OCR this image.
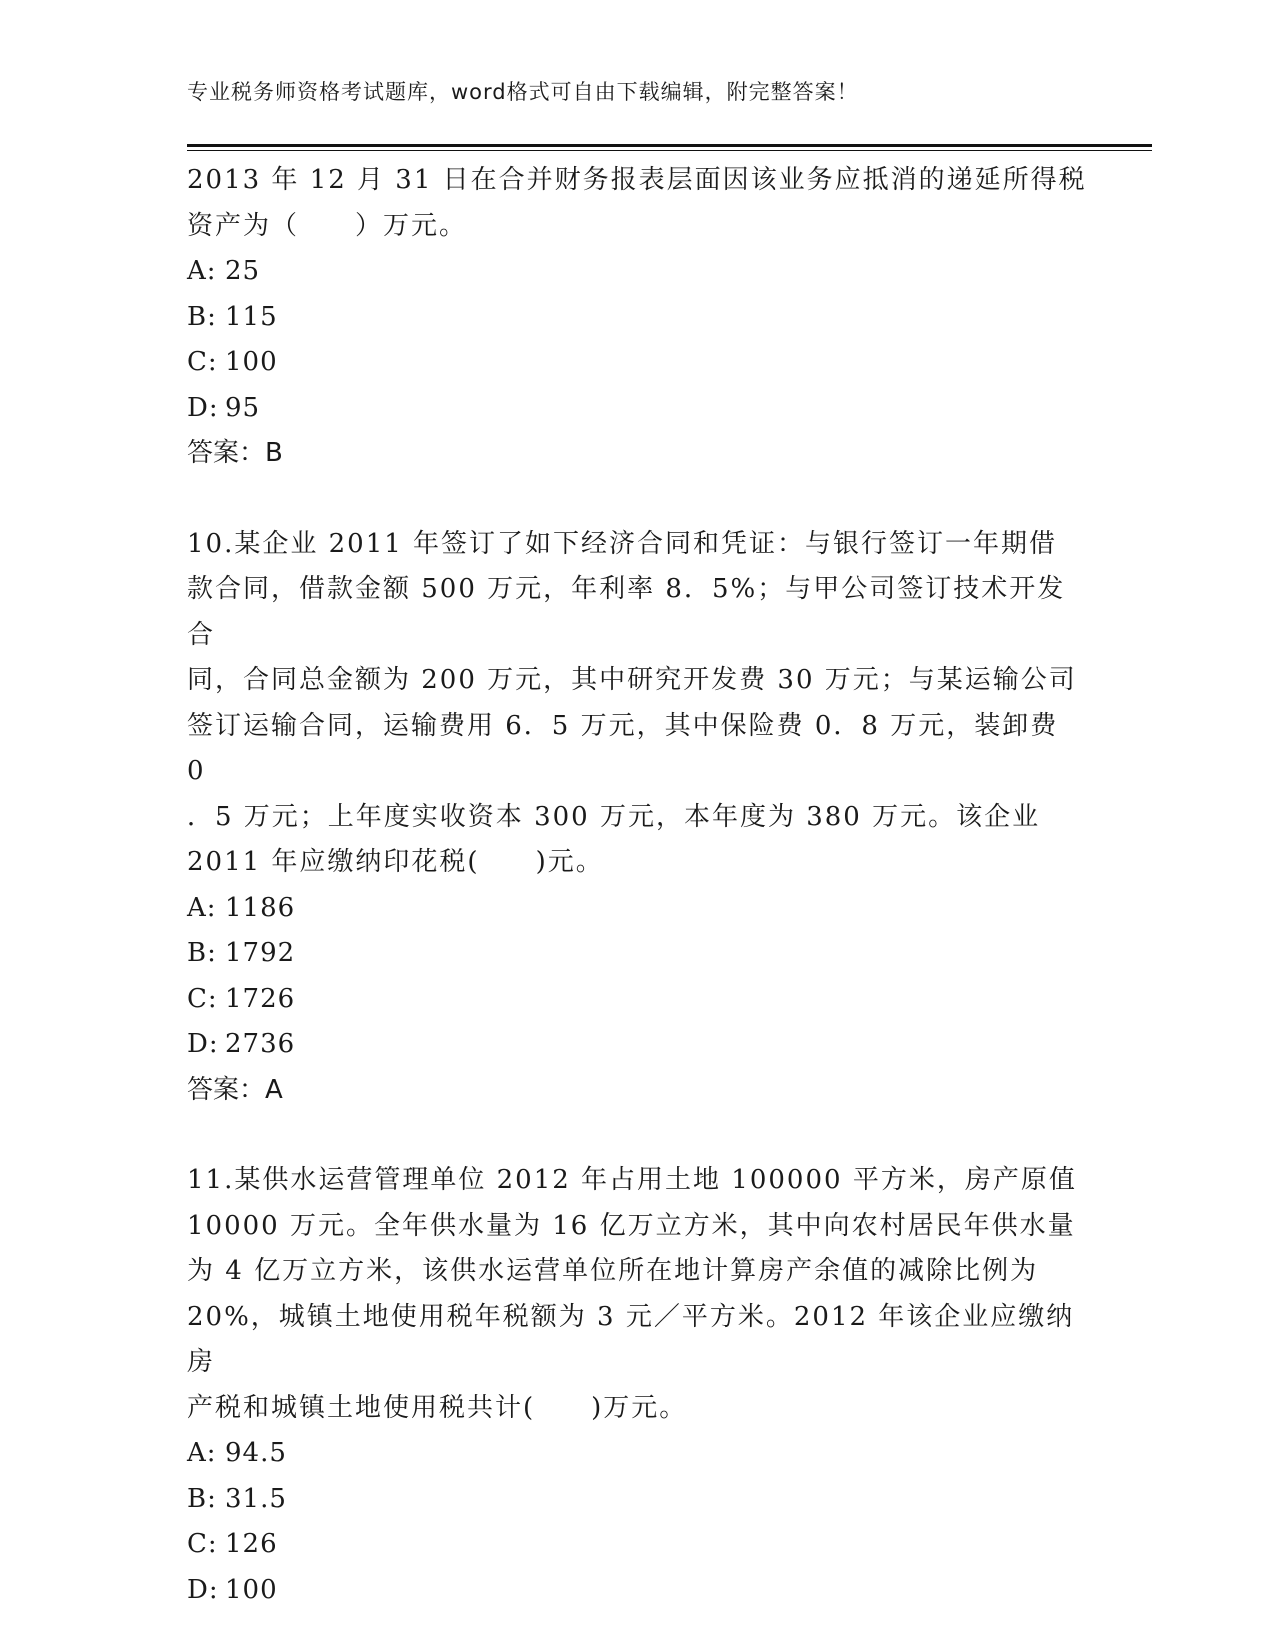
专业税务师资格考试题库，word格式可自由下载编辑，附完整答案！

2013 年 12 月 31 日在合并财务报表层面因该业务应抵消的递延所得税

资产为（　　）万元。

A: 25

B: 115

C: 100

D: 95

答案：B

10.某企业 2011 年签订了如下经济合同和凭证：与银行签订一年期借

款合同，借款金额 500 万元，年利率 8．5%；与甲公司签订技术开发合

同，合同总金额为 200 万元，其中研究开发费 30 万元；与某运输公司

签订运输合同，运输费用 6．5 万元，其中保险费 0．8 万元，装卸费 0

．5 万元；上年度实收资本 300 万元，本年度为 380 万元。该企业

2011 年应缴纳印花税(　　)元。

A: 1186

B: 1792

C: 1726

D: 2736

答案：A

11.某供水运营管理单位 2012 年占用土地 100000 平方米，房产原值

10000 万元。全年供水量为 16 亿万立方米，其中向农村居民年供水量

为 4 亿万立方米，该供水运营单位所在地计算房产余值的减除比例为

20%，城镇土地使用税年税额为 3 元／平方米。2012 年该企业应缴纳房

产税和城镇土地使用税共计(　　)万元。

A: 94.5

B: 31.5

C: 126

D: 100
